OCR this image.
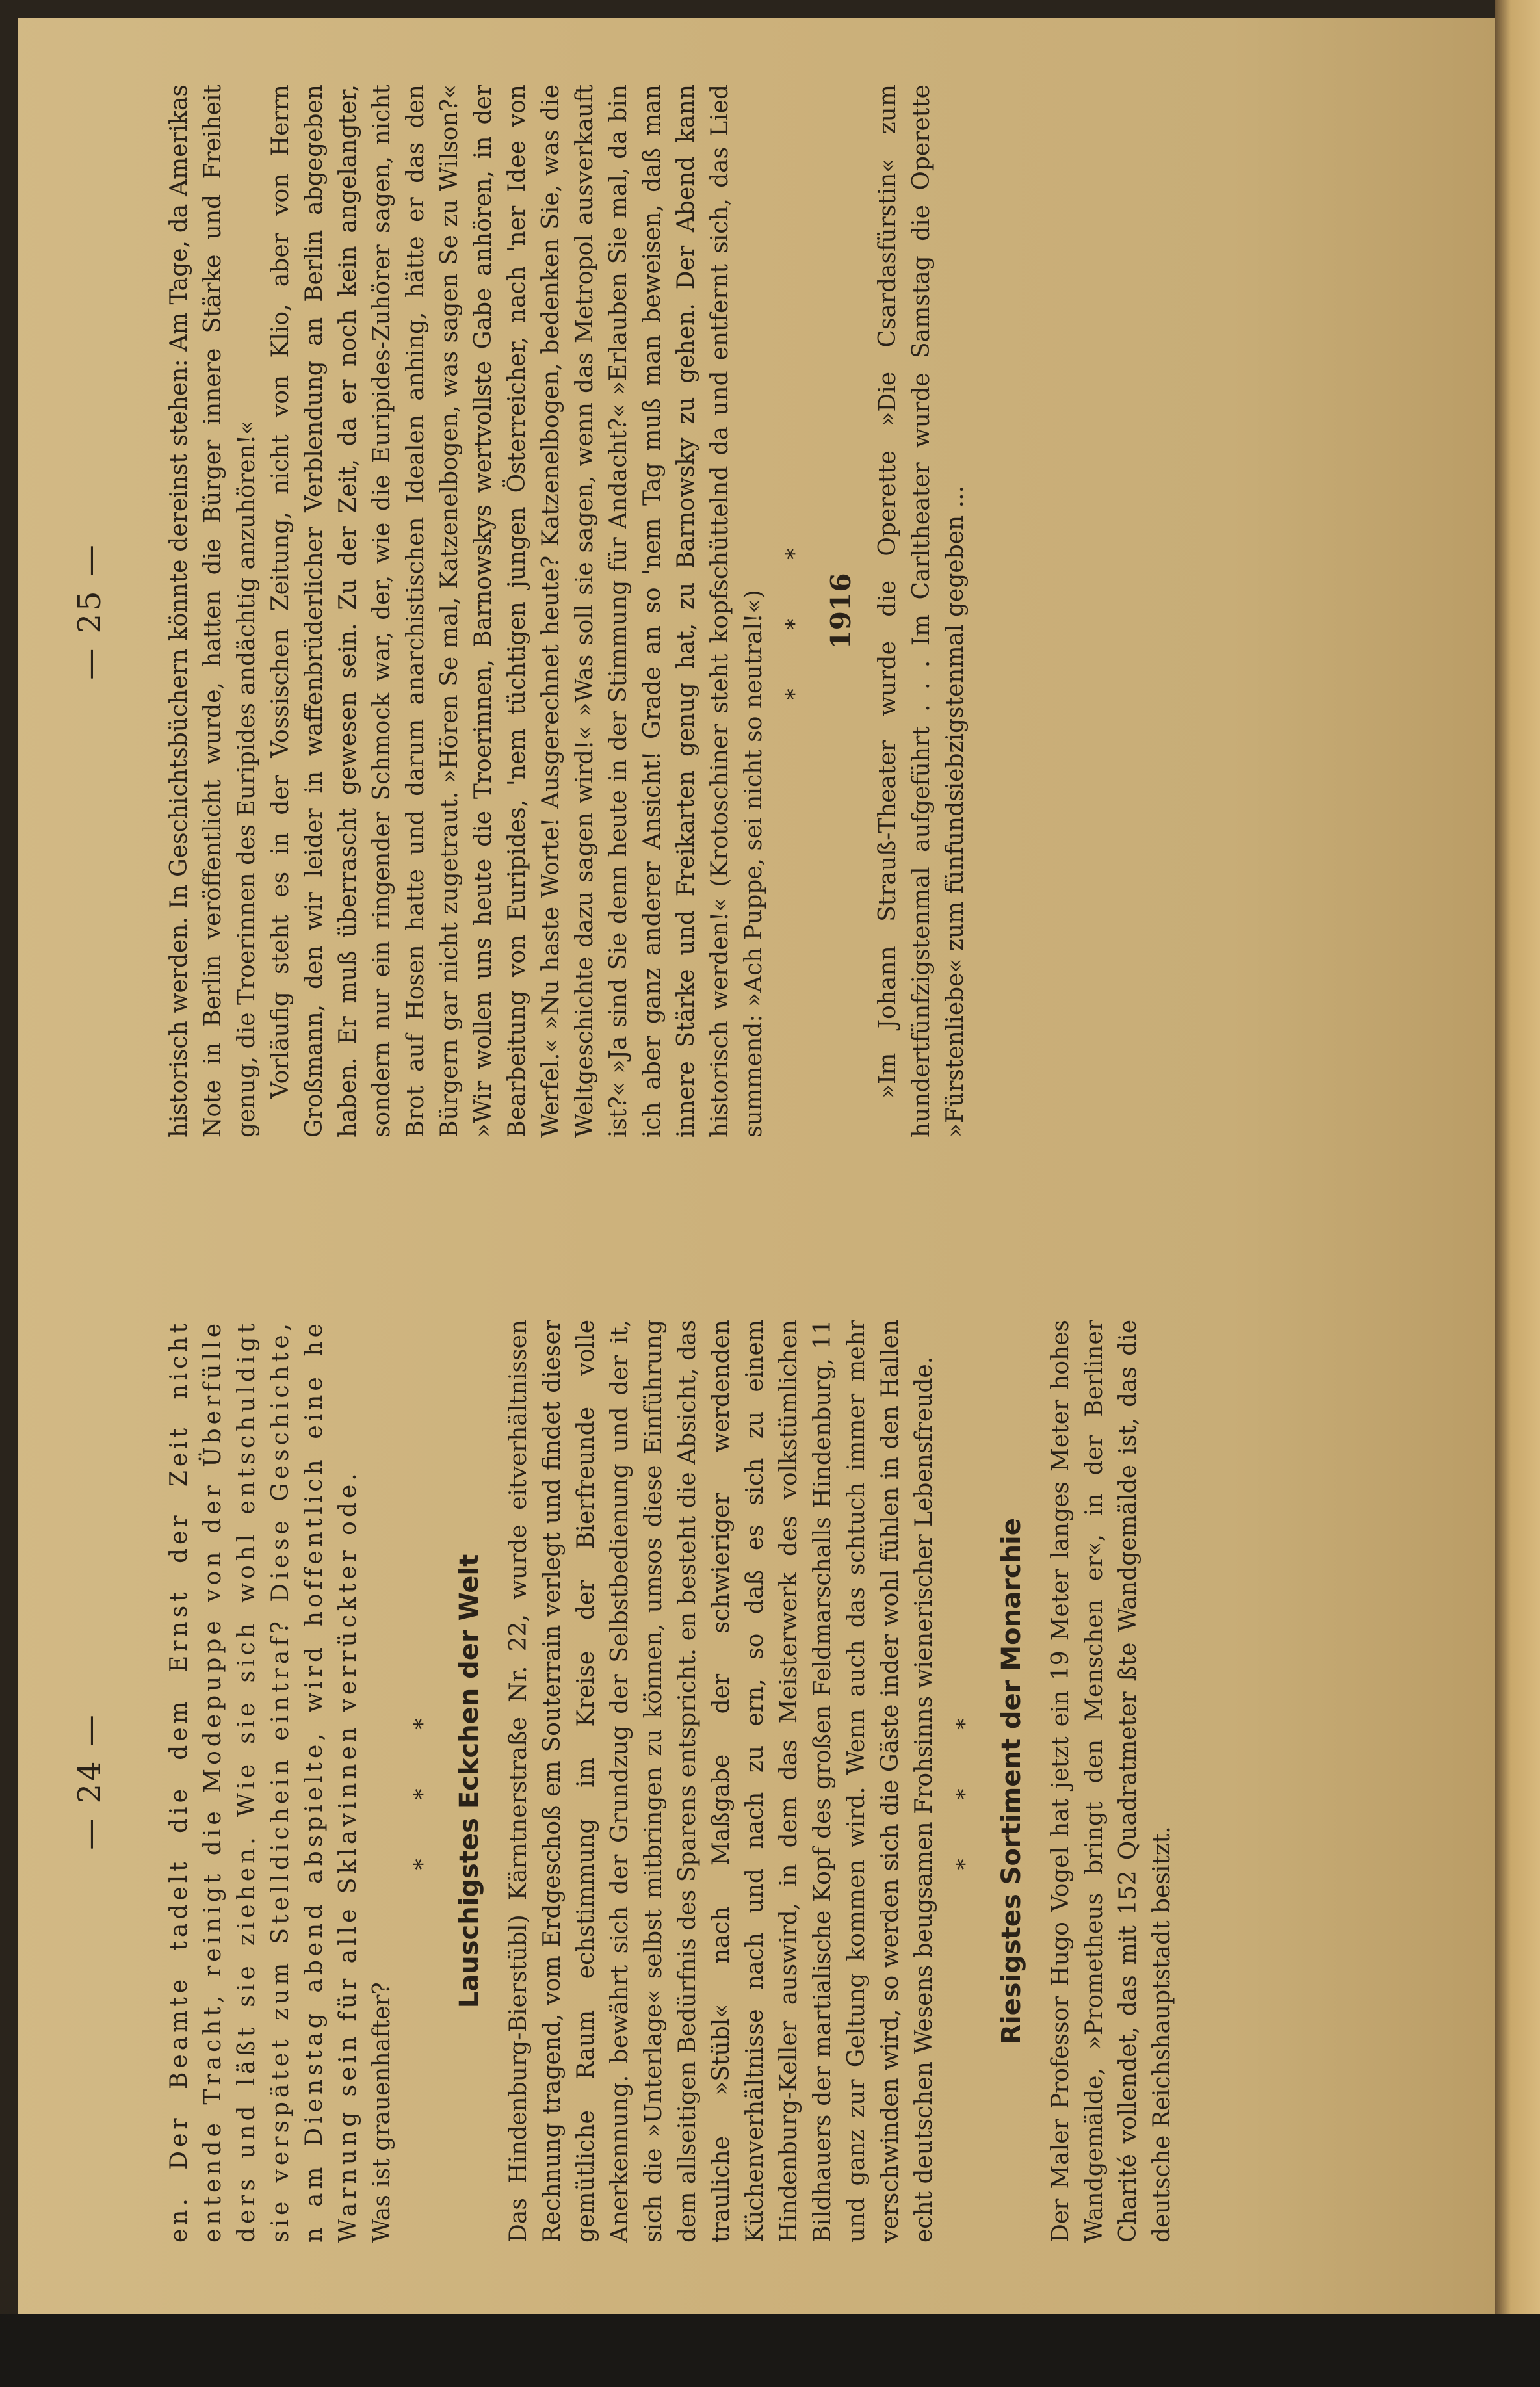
— 24 — en. Der Beamte tadelt die dem Ernst der Zeit nicht entende Tracht, reinigt die Modepuppe von der Überfülle ders und läßt sie ziehen. Wie sie sich wohl entschuldigt sie verspätet zum Stelldichein eintraf? Diese Geschichte, n am Dienstag abend abspielte, wird hoffentlich eine he Warnung sein für alle Sklavinnen verrückter ode. Was ist grauenhafter?

* * * Lauschigstes Eckchen der Welt Das Hindenburg-Bierstübl) Kärntnerstraße Nr. 22, wurde eitverhältnissen Rechnung tragend, vom Erdgeschoß em Souterrain verlegt und findet dieser gemütliche Raum echstimmung im Kreise der Bierfreunde volle Anerkennung. bewährt sich der Grundzug der Selbstbedienung und der it, sich die »Unterlage« selbst mitbringen zu können, umsos diese Einführung dem allseitigen Bedürfnis des Sparens entspricht. en besteht die Absicht, das trauliche »Stübl« nach Maßgabe der schwieriger werdenden Küchenverhältnisse nach und nach zu ern, so daß es sich zu einem Hindenburg-Keller auswird, in dem das Meisterwerk des volkstümlichen Bildhauers der martialische Kopf des großen Feldmarschalls Hindenburg, 11 und ganz zur Geltung kommen wird. Wenn auch das schtuch immer mehr verschwinden wird, so werden sich die Gäste inder wohl fühlen in den Hallen echt deutschen Wesens beugsamen Frohsinns wienerischer Lebensfreude. * * * Riesigstes Sortiment der Monarchie Der Maler Professor Hugo Vogel hat jetzt ein 19 Meter langes Meter hohes Wandgemälde, »Prometheus bringt den Menschen er«, in der Berliner Charité vollendet, das mit 152 Quadratmeter ßte Wandgemälde ist, das die deutsche Reichshauptstadt besitzt.

— 25 — historisch werden. In Geschichtsbüchern könnte dereinst stehen: Am Tage, da Amerikas Note in Berlin veröffentlicht wurde, hatten die Bürger innere Stärke und Freiheit genug, die Troerinnen des Euripides andächtig anzuhören!« Vorläufig steht es in der Vossischen Zeitung, nicht von Klio, aber von Herrn Großmann, den wir leider in waffenbrüderlicher Verblendung an Berlin abgegeben haben. Er muß überrascht gewesen sein. Zu der Zeit, da er noch kein angelangter, sondern nur ein ringender Schmock war, der, wie die Euripides-Zuhörer sagen, nicht Brot auf Hosen hatte und darum anarchistischen Idealen anhing, hätte er das den Bürgern gar nicht zugetraut. »Hören Se mal, Katzenelbogen, was sagen Se zu Wilson?« »Wir wollen uns heute die Troerinnen, Barnowskys wertvollste Gabe anhören, in der Bearbeitung von Euripides, 'nem tüchtigen jungen Österreicher, nach 'ner Idee von Werfel.« »Nu haste Worte! Ausgerechnet heute? Katzenelbogen, bedenken Sie, was die Weltgeschichte dazu sagen wird!« »Was soll sie sagen, wenn das Metropol ausverkauft ist?« »Ja sind Sie denn heute in der Stimmung für Andacht?« »Erlauben Sie mal, da bin ich aber ganz anderer Ansicht! Grade an so 'nem Tag muß man beweisen, daß man innere Stärke und Freikarten genug hat, zu Barnowsky zu gehen. Der Abend kann historisch werden!« (Krotoschiner steht kopfschüttelnd da und entfernt sich, das Lied summend: »Ach Puppe, sei nicht so neutral!«) * * * 1916 »Im Johann Strauß-Theater wurde die Operette »Die Csardasfürstin« zum hundertfünfzigstenmal aufgeführt . . . Im Carltheater wurde Samstag die Operette »Fürstenliebe« zum fünfundsiebzigstenmal gegeben ...
